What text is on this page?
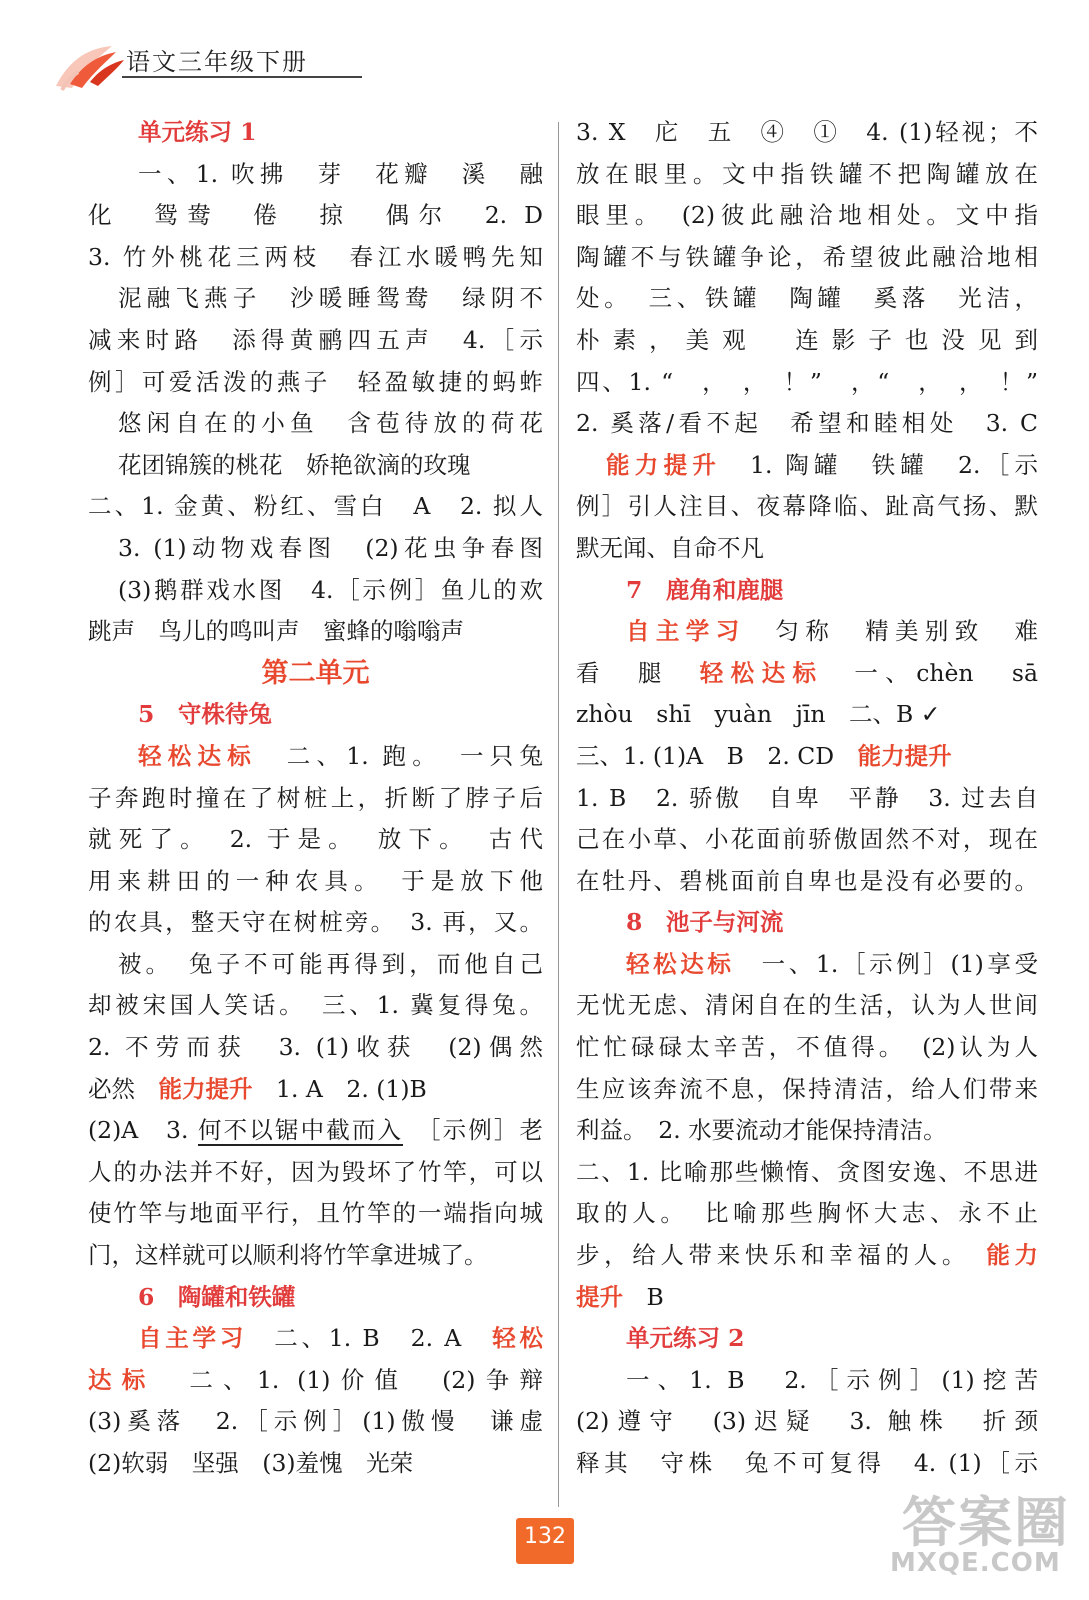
语文三年级下册
单元练习 1
一、1. 吹拂　芽　花瓣　溪　融
化　鸳鸯　倦　掠　偶尔　2. D
3. 竹外桃花三两枝　春江水暖鸭先知
泥融飞燕子　沙暖睡鸳鸯　绿阴不
减来时路　添得黄鹂四五声　4.［示
例］可爱活泼的燕子　轻盈敏捷的蚂蚱
悠闲自在的小鱼　含苞待放的荷花
花团锦簇的桃花　娇艳欲滴的玫瑰
二、1. 金黄、粉红、雪白　A　2. 拟人
3. (1)动物戏春图　(2)花虫争春图
(3)鹅群戏水图　4.［示例］鱼儿的欢
跳声　鸟儿的鸣叫声　蜜蜂的嗡嗡声
第二单元
5　守株待兔
轻松达标　二、1. 跑。　一只兔
子奔跑时撞在了树桩上，折断了脖子后
就死了。　2. 于是。　放下。　古代
用来耕田的一种农具。　于是放下他
的农具，整天守在树桩旁。　3. 再，又。
被。　兔子不可能再得到，而他自己
却被宋国人笑话。　三、1. 冀复得兔。
2. 不劳而获　3. (1)收获　(2)偶然
必然　能力提升　1. A　2. (1)B
(2)A　3. 何不以锯中截而入　［示例］老
人的办法并不好，因为毁坏了竹竿，可以
使竹竿与地面平行，且竹竿的一端指向城
门，这样就可以顺利将竹竿拿进城了。
6　陶罐和铁罐
自主学习　二、1. B　2. A　轻松
达标　二、1. (1)价值　(2)争辩
(3)奚落　2.［示例］(1)傲慢　谦虚
(2)软弱　坚强　(3)羞愧　光荣
3. X　庀　五　④　①　4. (1)轻视；不
放在眼里。文中指铁罐不把陶罐放在
眼里。　(2)彼此融洽地相处。文中指
陶罐不与铁罐争论，希望彼此融洽地相
处。　三、铁罐　陶罐　奚落　光洁，
朴素，美观　连影子也没见到
四、1. “　，　，　！”　，“　，　，　！”
2. 奚落/看不起　希望和睦相处　3. C
能力提升　1. 陶罐　铁罐　2.［示
例］引人注目、夜幕降临、趾高气扬、默
默无闻、自命不凡
7　鹿角和鹿腿
自主学习　匀称　精美别致　难
看　腿　轻松达标　一、chèn　sā
zhòu　shī　yuàn　jīn　二、B ✓
三、1. (1)A　B　2. CD　能力提升
1. B　2. 骄傲　自卑　平静　3. 过去自
己在小草、小花面前骄傲固然不对，现在
在牡丹、碧桃面前自卑也是没有必要的。
8　池子与河流
轻松达标　一、1.［示例］(1)享受
无忧无虑、清闲自在的生活，认为人世间
忙忙碌碌太辛苦，不值得。　(2)认为人
生应该奔流不息，保持清洁，给人们带来
利益。　2. 水要流动才能保持清洁。
二、1. 比喻那些懒惰、贪图安逸、不思进
取的人。　比喻那些胸怀大志、永不止
步，给人带来快乐和幸福的人。　能力
提升　B
单元练习 2
一、1. B　2.［示例］(1)挖苦
(2)遵守　(3)迟疑　3. 触株　折颈
释其　守株　兔不可复得　4. (1)［示
132	答案圈
MXQE.COM
